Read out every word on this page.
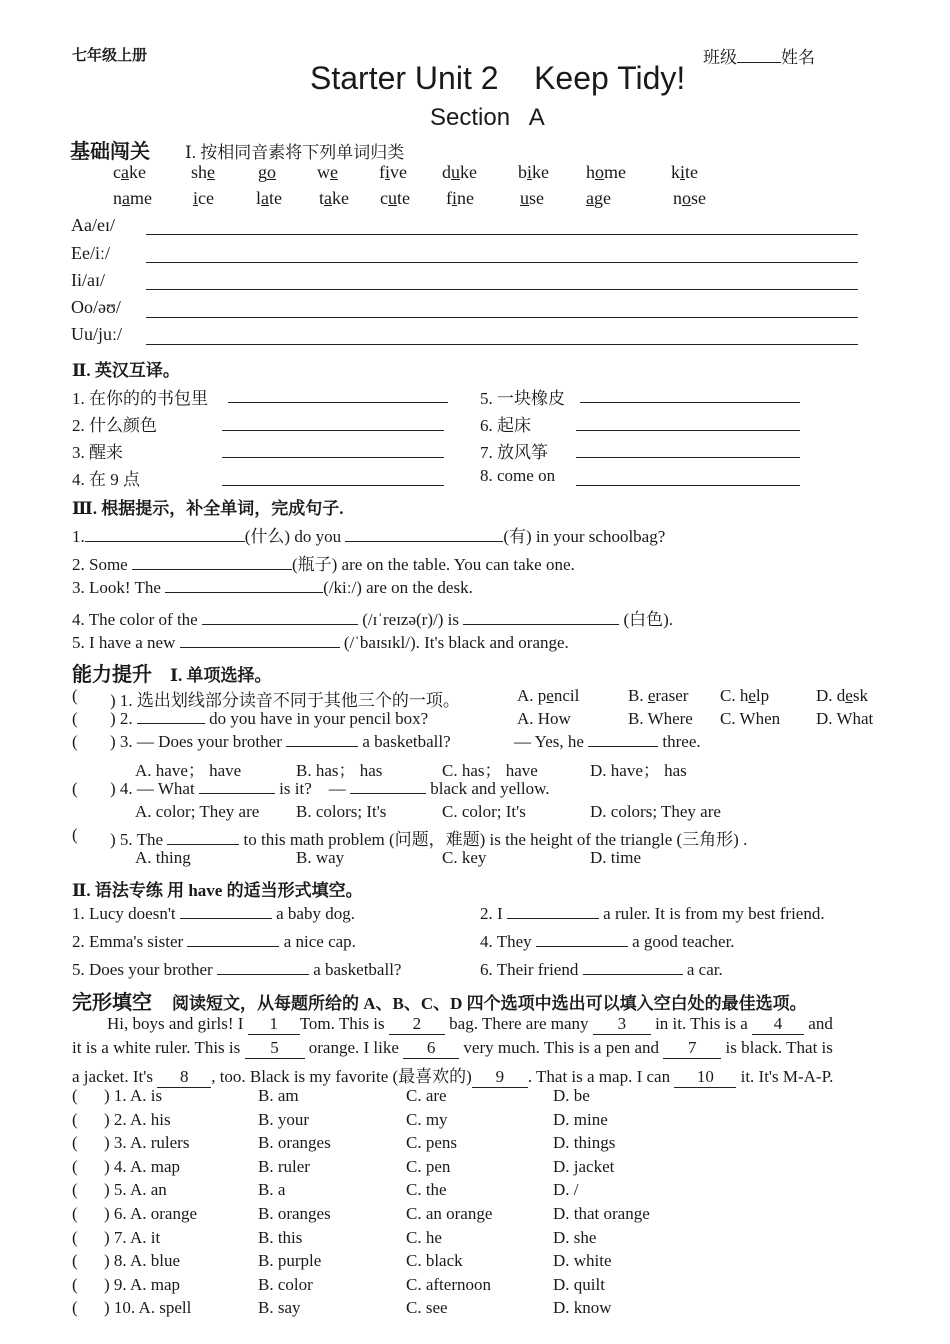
七年级上册	班级	姓名
Starter Unit 2    Keep Tidy!
Section   A
基础闯关 Ⅰ. 按相同音素将下列单词归类
cake	she go we five duke bike home	kite
name ice late take cute fine	use age	nose
Aa/eɪ/
Ee/iː/
Ii/aɪ/
Oo/əʊ/
Uu/juː/
Ⅱ. 英汉互译。
1. 在你的的书包里
2. 什么颜色
3. 醒来
4. 在 9 点
5. 一块橡皮
6. 起床
7. 放风筝
8. come on
Ⅲ. 根据提示，补全单词，完成句子.
1.	(什么) do you	(有) in your schoolbag?
2. Some	(瓶子) are on the table. You can take one.
3. Look! The	(/kiː/) are on the desk.
4. The color of the	(/ɪˈreɪzə(r)/) is	(白色).
5. I have a new	(/ˈbaɪsɪkl/). It's black and orange.
能力提升 Ⅰ. 单项选择。
( ) 1. 选出划线部分读音不同于其他三个的一项。	A. pencil	B. eraser C. help	D. desk
( ) 2.	do you have in your pencil box?	A. How	B. Where C. When D. What
( ) 3. — Does your brother	a basketball?	— Yes, he	three.
A. have； have	B. has； has	C. has； have	D. have； has
( ) 4. — What	is it? —	black and yellow.
A. color; They are B. colors; It's	C. color; It's	D. colors; They are
( ) 5. The	to this math problem (问题，难题) is the height of the triangle (三角形) .
A. thing	B. way	C. key	D. time
Ⅱ. 语法专练 用 have 的适当形式填空。
1. Lucy doesn't	a baby dog.	2. I	a ruler. It is from my best friend.
2. Emma's sister	a nice cap.	4. They	a good teacher.
5. Does your brother	a basketball?	6. Their friend	a car.
完形填空 阅读短文，从每题所给的 A、B、C、D 四个选项中选出可以填入空白处的最佳选项。
Hi, boys and girls! I 1 Tom. This is 2 bag. There are many 3 in it. This is a 4 and
it is a white ruler. This is 5 orange. I like 6 very much. This is a pen and 7 is black. That is
a jacket. It's 8 , too. Black is my favorite (最喜欢的) 9 . That is a map. I can 10 it. It's M-A-P.
( ) 1. A. is	B. am	C. are	D. be
( ) 2. A. his	B. your	C. my	D. mine
( ) 3. A. rulers	B. oranges	C. pens	D. things
( ) 4. A. map	B. ruler	C. pen	D. jacket
( ) 5. A. an	B. a	C. the	D. /
( ) 6. A. orange	B. oranges	C. an orange	D. that orange
( ) 7. A. it	B. this	C. he	D. she
( ) 8. A. blue	B. purple	C. black	D. white
( ) 9. A. map	B. color	C. afternoon	D. quilt
( ) 10. A. spell	B. say	C. see	D. know
